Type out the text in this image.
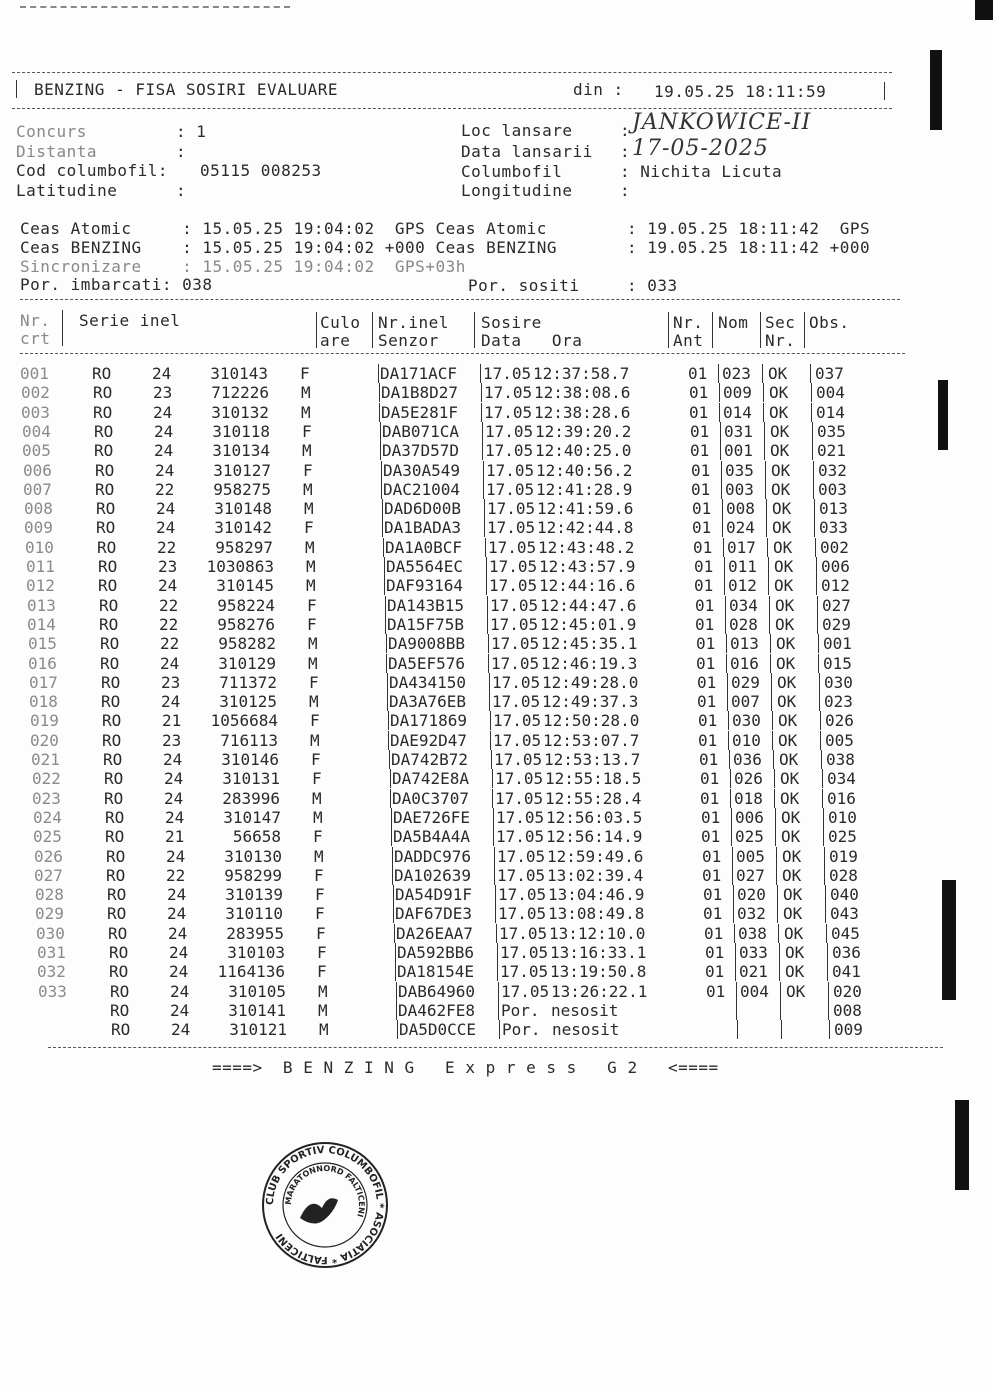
BENZING - FISA SOSIRI EVALUARE	din : 19.05.25 18:11:59
Concurs	: 1
Distanta	:
Cod columbofil: 05115 008253
Latitudine	:
Loc lansare	: JANKOWICE-II
Data lansarii : 17-05-2025
Columbofil	: Nichita Licuta
Longitudine	:
Ceas Atomic     : 15.05.25 19:04:02  GPS Ceas Atomic	: 19.05.25 18:11:42  GPS
Ceas BENZING    : 15.05.25 19:04:02 +000 Ceas BENZING	: 19.05.25 18:11:42 +000
Sincronizare    : 15.05.25 19:04:02  GPS+03h
Por. imbarcati: 038	Por. sositi	: 033
Nr.
crt
Serie inel	Culo
are
Nr.inel
Senzor
Sosire
Data   Ora
Nr.
Ant
Nom Sec
Nr.
Obs.
001	RO	24 310143 F	DA171ACF 17.05 12:37:58.7	01 023 OK 037
002	RO	23 712226 M	DA1B8D27 17.05 12:38:08.6	01 009 OK 004
003	RO	24 310132 M	DA5E281F 17.05 12:38:28.6	01 014 OK 014
004	RO	24 310118 F	DAB071CA 17.05 12:39:20.2	01 031 OK 035
005	RO	24 310134 M	DA37D57D 17.05 12:40:25.0	01 001 OK 021
006	RO	24 310127 F	DA30A549 17.05 12:40:56.2	01 035 OK 032
007	RO	22 958275 M	DAC21004 17.05 12:41:28.9	01 003 OK 003
008	RO	24 310148 M	DAD6D00B 17.05 12:41:59.6	01 008 OK 013
009	RO	24 310142 F	DA1BADA3 17.05 12:42:44.8	01 024 OK 033
010	RO	22 958297 M	DA1A0BCF 17.05 12:43:48.2	01 017 OK 002
011	RO	23 1030863 M	DA5564EC 17.05 12:43:57.9	01 011 OK 006
012	RO	24 310145 M	DAF93164 17.05 12:44:16.6	01 012 OK 012
013	RO	22 958224 F	DA143B15 17.05 12:44:47.6	01 034 OK 027
014	RO	22 958276 F	DA15F75B 17.05 12:45:01.9	01 028 OK 029
015	RO	22 958282 M	DA9008BB 17.05 12:45:35.1	01 013 OK 001
016	RO	24 310129 M	DA5EF576 17.05 12:46:19.3	01 016 OK 015
017	RO	23 711372 F	DA434150 17.05 12:49:28.0	01 029 OK 030
018	RO	24 310125 M	DA3A76EB 17.05 12:49:37.3	01 007 OK 023
019	RO	21 1056684 F	DA171869 17.05 12:50:28.0	01 030 OK 026
020	RO	23 716113 M	DAE92D47 17.05 12:53:07.7	01 010 OK 005
021	RO	24 310146 F	DA742B72 17.05 12:53:13.7	01 036 OK 038
022	RO	24 310131 F	DA742E8A 17.05 12:55:18.5	01 026 OK 034
023	RO	24 283996 M	DA0C3707 17.05 12:55:28.4	01 018 OK 016
024	RO	24 310147 M	DAE726FE 17.05 12:56:03.5	01 006 OK 010
025	RO	21	56658 F	DA5B4A4A 17.05 12:56:14.9	01 025 OK 025
026	RO	24 310130 M	DADDC976 17.05 12:59:49.6	01 005 OK 019
027	RO	22 958299 F	DA102639 17.05 13:02:39.4	01 027 OK 028
028	RO	24 310139 F	DA54D91F 17.05 13:04:46.9	01 020 OK 040
029	RO	24 310110 F	DAF67DE3 17.05 13:08:49.8	01 032 OK 043
030	RO	24 283955 F	DA26EAA7 17.05 13:12:10.0	01 038 OK 045
031	RO	24 310103 F	DA592BB6 17.05 13:16:33.1	01 033 OK 036
032	RO	24 1164136 F	DA18154E 17.05 13:19:50.8	01 021 OK 041
033	RO	24 310105 M	DAB64960 17.05 13:26:22.1	01 004 OK 020
RO	24 310141 M	DA462FE8 Por. nesosit	008
RO	24 310121 M	DA5D0CCE Por. nesosit	009
====>  B E N Z I N G   E x p r e s s   G 2   <====
CLUB SPORTIV COLUMBOFIL * ASOCIATIA * FALTICENI
MARATONNORD FALTICENI
